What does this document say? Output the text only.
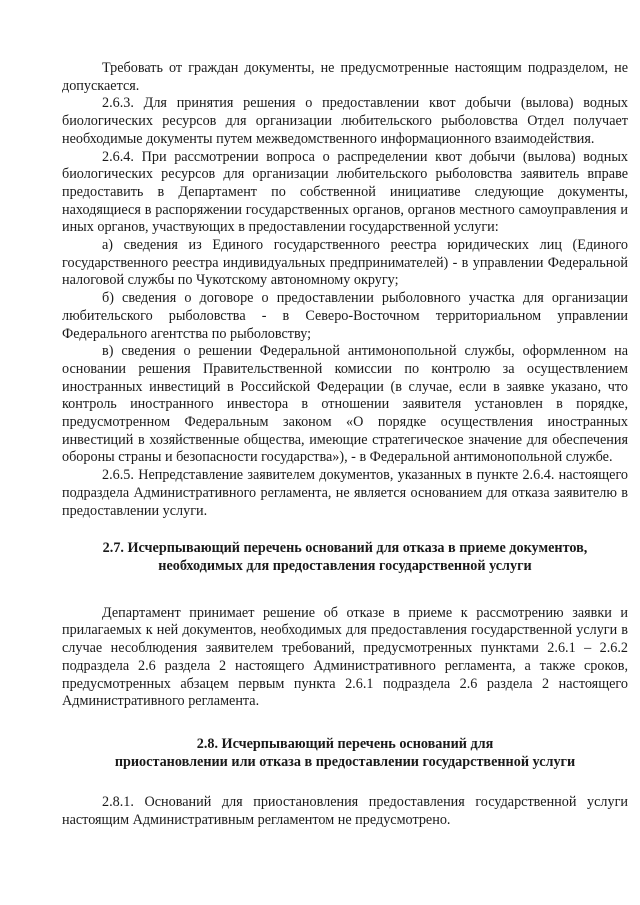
Требовать от граждан документы, не предусмотренные настоящим подразделом, не допускается.

2.6.3. Для принятия решения о предоставлении квот добычи (вылова) водных биологических ресурсов для организации любительского рыболовства Отдел получает необходимые документы путем межведомственного информационного взаимодействия.

2.6.4. При рассмотрении вопроса о распределении квот добычи (вылова) водных биологических ресурсов для организации любительского рыболовства заявитель вправе предоставить в Департамент по собственной инициативе следующие документы, находящиеся в распоряжении государственных органов, органов местного самоуправления и иных органов, участвующих в предоставлении государственной услуги:

а) сведения из Единого государственного реестра юридических лиц (Единого государственного реестра индивидуальных предпринимателей) - в управлении Федеральной налоговой службы по Чукотскому автономному округу;

б) сведения о договоре о предоставлении рыболовного участка для организации любительского рыболовства - в Северо-Восточном территориальном управлении Федерального агентства по рыболовству;

в) сведения о решении Федеральной антимонопольной службы, оформленном на основании решения Правительственной комиссии по контролю за осуществлением иностранных инвестиций в Российской Федерации (в случае, если в заявке указано, что контроль иностранного инвестора в отношении заявителя установлен в порядке, предусмотренном Федеральным законом «О порядке осуществления иностранных инвестиций в хозяйственные общества, имеющие стратегическое значение для обеспечения обороны страны и безопасности государства»), - в Федеральной антимонопольной службе.

2.6.5. Непредставление заявителем документов, указанных в пункте 2.6.4. настоящего подраздела Административного регламента, не является основанием для отказа заявителю в предоставлении услуги.

2.7. Исчерпывающий перечень оснований для отказа в приеме документов,
необходимых для предоставления государственной услуги

Департамент принимает решение об отказе в приеме к рассмотрению заявки и прилагаемых к ней документов, необходимых для предоставления государственной услуги в случае несоблюдения заявителем требований, предусмотренных пунктами 2.6.1 – 2.6.2 подраздела 2.6 раздела 2 настоящего Административного регламента, а также сроков, предусмотренных абзацем первым пункта 2.6.1 подраздела 2.6 раздела 2 настоящего Административного регламента.

2.8. Исчерпывающий перечень оснований для
приостановлении или отказа в предоставлении государственной услуги

2.8.1. Оснований для приостановления предоставления государственной услуги настоящим Административным регламентом не предусмотрено.
